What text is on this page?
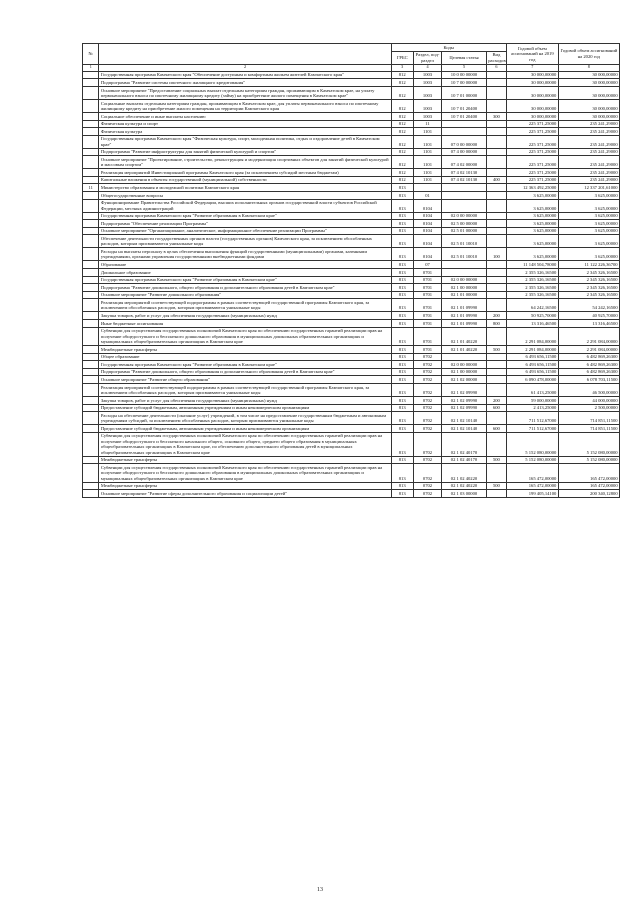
№		Коды				Годовой объем ассигнований на 2019 год	Годовой объем ассигнований на 2020 год
		ГРБС	Раздел, под-раздел	Целевая статья	Вид расходов		
1	2	3	4	5	6	7	8
	Государственная программа Камчатского края "Обеспечение доступным и комфортным жильем жителей Камчатского края"	812	1003	10 0 00 00000		30 000,00000	30 000,00000
	Подпрограмма "Развитие системы ипотечного жилищного кредитования"	812	1003	10 7 00 00000		30 000,00000	30 000,00000
	Основное мероприятие "Предоставление социальных выплат отдельным категориям граждан, проживающим в Камчатском крае, на уплату первоначального взноса по ипотечному жилищному кредиту (займу) на приобретение жилого помещения в Камчатском крае"	812	1003	10 7 01 00000		30 000,00000	30 000,00000
	Социальные выплаты отдельным категориям граждан, проживающим в Камчатском крае, для уплаты первоначального взноса по ипотечному жилищному кредиту на приобретение жилого помещения на территории Камчатского края	812	1003	10 7 01 20400		30 000,00000	30 000,00000
	Социальное обеспечение и иные выплаты населению	812	1003	10 7 01 20400	300	30 000,00000	30 000,00000
	Физическая культура и спорт	812	11			225 371,25000	235 241,29000
	Физическая культура	812	1101			225 371,25000	235 241,29000
	Государственная программа Камчатского края "Физическая культура, спорт, молодежная политика, отдых и оздоровление детей в Камчатском крае"	812	1101	07 0 00 00000		225 371,25000	235 241,29000
	Подпрограмма "Развитие инфраструктуры для занятий физической культурой и спортом"	812	1101	07 4 00 00000		225 371,25000	235 241,29000
	Основное мероприятие "Проектирование, строительство, реконструкция и модернизация спортивных объектов для занятий физической культурой и массовым спортом"	812	1101	07 4 02 00000		225 371,25000	235 241,29000
	Реализация мероприятий Инвестиционной программы Камчатского края (за исключением субсидий местным бюджетам)	812	1101	07 4 02 10130		225 371,25000	235 241,29000
	Капитальные вложения в объекты государственной (муниципальной) собственности	812	1101	07 4 02 10130	400	225 371,25000	235 241,29000
11	Министерство образования и молодежной политики Камчатского края	813				12 363 492,25000	12 337 201,61000
	Общегосударственные вопросы	813	01			3 625,00000	3 625,00000
	Функционирование Правительства Российской Федерации, высших исполнительных органов государственной власти субъектов Российской Федерации, местных администраций	813	0104			3 625,00000	3 625,00000
	Государственная программа Камчатского края "Развитие образования в Камчатском крае"	813	0104	02 0 00 00000		3 625,00000	3 625,00000
	Подпрограмма "Обеспечение реализации Программы"	813	0104	02 5 00 00000		3 625,00000	3 625,00000
	Основное мероприятие "Организационное, аналитическое, информационное обеспечение реализации Программы"	813	0104	02 5 01 00000		3 625,00000	3 625,00000
	Обеспечение деятельности государственных органов власти (государственных органов) Камчатского края, за исключением обособленных расходов, которым присваиваются уникальные коды	813	0104	02 5 01 10010		3 625,00000	3 625,00000
	Расходы на выплаты персоналу в целях обеспечения выполнения функций государственными (муниципальными) органами, казенными учреждениями, органами управления государственными внебюджетными фондами	813	0104	02 5 01 10010	100	3 625,00000	3 625,00000
	Образование	813	07			11 148 504,78000	11 122 226,36700
	Дошкольное образование	813	0701			2 355 326,16500	2 345 326,16500
	Государственная программа Камчатского края "Развитие образования в Камчатском крае"	813	0701	02 0 00 00000		2 355 326,16500	2 345 326,16500
	Подпрограмма "Развитие дошкольного, общего образования и дополнительного образования детей в Камчатском крае"	813	0701	02 1 00 00000		2 355 326,16500	2 345 326,16500
	Основное мероприятие "Развитие дошкольного образования"	813	0701	02 1 01 00000		2 355 326,16500	2 345 326,16500
	Реализация мероприятий соответствующей подпрограммы в рамках соответствующей государственной программы Камчатского края, за исключением обособленных расходов, которым присваиваются уникальные коды	813	0701	02 1 01 09990		64 242,16500	54 242,16500
	Закупка товаров, работ и услуг для обеспечения государственных (муниципальных) нужд	813	0701	02 1 01 09990	200	50 925,70000	40 925,70000
	Иные бюджетные ассигнования	813	0701	02 1 01 09990	800	13 316,46500	13 316,46500
	Субвенции для осуществления государственных полномочий Камчатского края по обеспечению государственных гарантий реализации прав на получение общедоступного и бесплатного дошкольного образования в муниципальных дошкольных образовательных организациях и муниципальных общеобразовательных организациях в Камчатском крае	813	0701	02 1 01 40220		2 291 084,00000	2 291 084,00000
	Межбюджетные трансферты	813	0701	02 1 01 40220	500	2 291 084,00000	2 291 084,00000
	Общее образование	813	0702			6 493 656,11500	6 482 869,26300
	Государственная программа Камчатского края "Развитие образования в Камчатском крае"	813	0702	02 0 00 00000		6 493 656,11500	6 482 869,26300
	Подпрограмма "Развитие дошкольного, общего образования и дополнительного образования детей в Камчатском крае"	813	0702	02 1 00 00000		6 493 656,11500	6 482 869,26300
	Основное мероприятие "Развитие общего образования"	813	0702	02 1 02 00000		6 090 478,00000	6 078 703,11500
	Реализация мероприятий соответствующей подпрограммы в рамках соответствующей государственной программы Камчатского края, за исключением обособленных расходов, которым присваиваются уникальные коды	813	0702	02 1 02 09990		61 413,25000	46 500,00000
	Закупка товаров, работ и услуг для обеспечения государственных (муниципальных) нужд	813	0702	02 1 02 09990	200	59 000,00000	44 000,00000
	Предоставление субсидий бюджетным, автономным учреждениям и иным некоммерческим организациям	813	0702	02 1 02 09990	600	2 413,25000	2 500,00000
	Расходы на обеспечение деятельности (оказание услуг) учреждений, в том числе на предоставление государственным бюджетным и автономным учреждениям субсидий, за исключением обособленных расходов, которым присваиваются уникальные коды	813	0702	02 1 02 10140		711 512,67000	714 851,11500
	Предоставление субсидий бюджетным, автономным учреждениям и иным некоммерческим организациям	813	0702	02 1 02 10140	600	711 512,67000	714 851,11500
	Субвенции для осуществления государственных полномочий Камчатского края по обеспечению государственных гарантий реализации прав на получение общедоступного и бесплатного начального общего, основного общего, среднего общего образования в муниципальных общеобразовательных организациях в Камчатском крае, по обеспечению дополнительного образования детей в муниципальных общеобразовательных организациях в Камчатском крае	813	0702	02 1 02 40170		5 152 080,00000	5 152 080,00000
	Межбюджетные трансферты	813	0702	02 1 02 40170	500	5 152 080,00000	5 152 080,00000
	Субвенции для осуществления государственных полномочий Камчатского края по обеспечению государственных гарантий реализации прав на получение общедоступного и бесплатного дошкольного образования в муниципальных дошкольных образовательных организациях и муниципальных общеобразовательных организациях в Камчатском крае	813	0702	02 1 02 40220		165 472,00000	165 472,00000
	Межбюджетные трансферты	813	0702	02 1 02 40220	500	165 472,00000	165 472,00000
	Основное мероприятие "Развитие сферы дополнительного образования и социализации детей"	813	0702	02 1 03 00000		199 405,14100	200 340,12800
13
